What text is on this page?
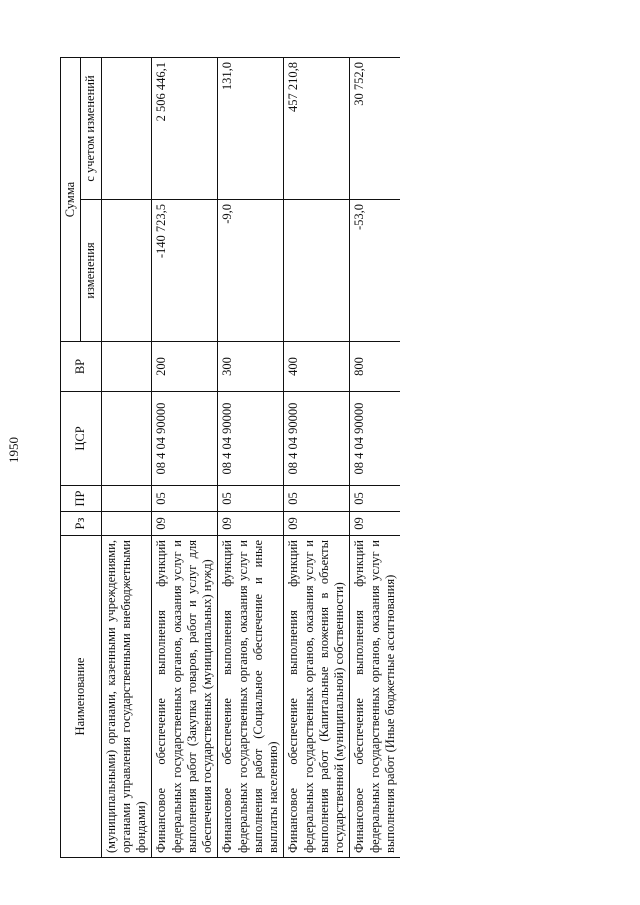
1950
Наименование	Рз	ПР	ЦСР	ВР	Сумма	
					изменения	с учетом изменений
(муниципальными) органами, казенными учреждениями, органами управления государственными внебюджетными фондами)						
Финансовое обеспечение выполнения функций федеральных государственных органов, оказания услуг и выполнения работ (Закупка товаров, работ и услуг для обеспечения государственных (муниципальных) нужд)	09	05	08 4 04 90000	200	-140 723,5	2 506 446,1
Финансовое обеспечение выполнения функций федеральных государственных органов, оказания услуг и выполнения работ (Социальное обеспечение и иные выплаты населению)	09	05	08 4 04 90000	300	-9,0	131,0
Финансовое обеспечение выполнения функций федеральных государственных органов, оказания услуг и выполнения работ (Капитальные вложения в объекты государственной (муниципальной) собственности)	09	05	08 4 04 90000	400		457 210,8
Финансовое обеспечение выполнения функций федеральных государственных органов, оказания услуг и выполнения работ (Иные бюджетные ассигнования)	09	05	08 4 04 90000	800	-53,0	30 752,0
